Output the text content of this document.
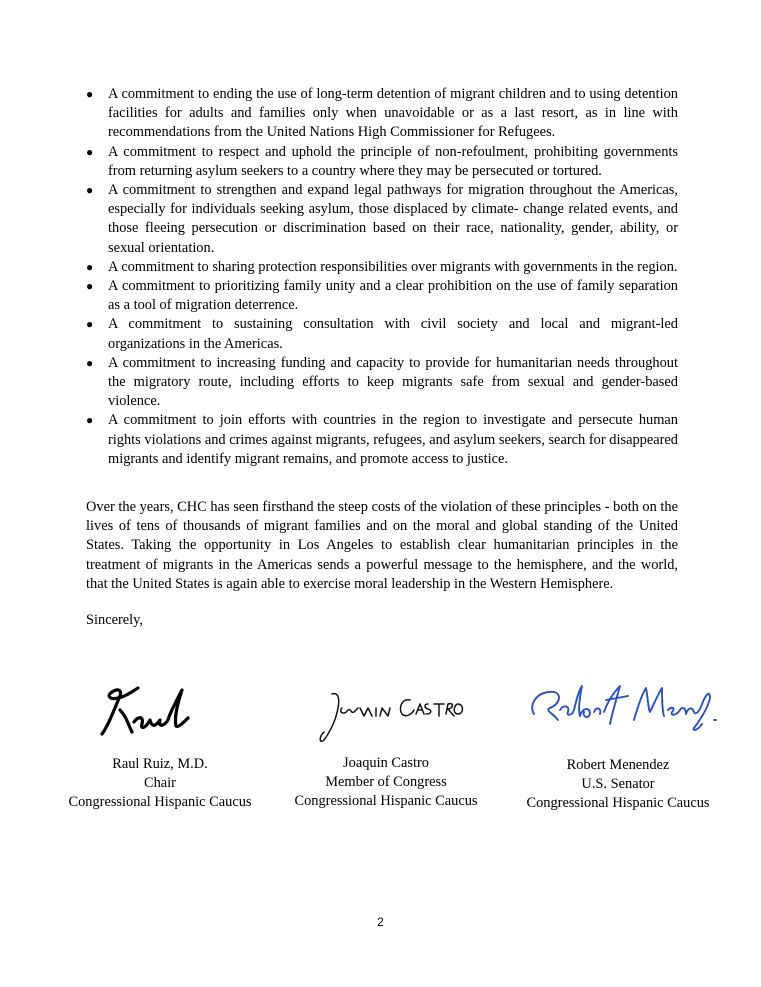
● A commitment to ending the use of long-term detention of migrant children and to using detention facilities for adults and families only when unavoidable or as a last resort, as in line with recommendations from the United Nations High Commissioner for Refugees.
● A commitment to respect and uphold the principle of non-refoulment, prohibiting governments from returning asylum seekers to a country where they may be persecuted or tortured.
● A commitment to strengthen and expand legal pathways for migration throughout the Americas, especially for individuals seeking asylum, those displaced by climate- change related events, and those fleeing persecution or discrimination based on their race, nationality, gender, ability, or sexual orientation.
● A commitment to sharing protection responsibilities over migrants with governments in the region.
● A commitment to prioritizing family unity and a clear prohibition on the use of family separation as a tool of migration deterrence.
● A commitment to sustaining consultation with civil society and local and migrant-led organizations in the Americas.
● A commitment to increasing funding and capacity to provide for humanitarian needs throughout the migratory route, including efforts to keep migrants safe from sexual and gender-based violence.
● A commitment to join efforts with countries in the region to investigate and persecute human rights violations and crimes against migrants, refugees, and asylum seekers, search for disappeared migrants and identify migrant remains, and promote access to justice.

Over the years, CHC has seen firsthand the steep costs of the violation of these principles - both on the lives of tens of thousands of migrant families and on the moral and global standing of the United States. Taking the opportunity in Los Angeles to establish clear humanitarian principles in the treatment of migrants in the Americas sends a powerful message to the hemisphere, and the world, that the United States is again able to exercise moral leadership in the Western Hemisphere.

Sincerely,

Raul Ruiz, M.D.
Chair
Congressional Hispanic Caucus
Joaquin Castro
Member of Congress
Congressional Hispanic Caucus
Robert Menendez
U.S. Senator
Congressional Hispanic Caucus
2
